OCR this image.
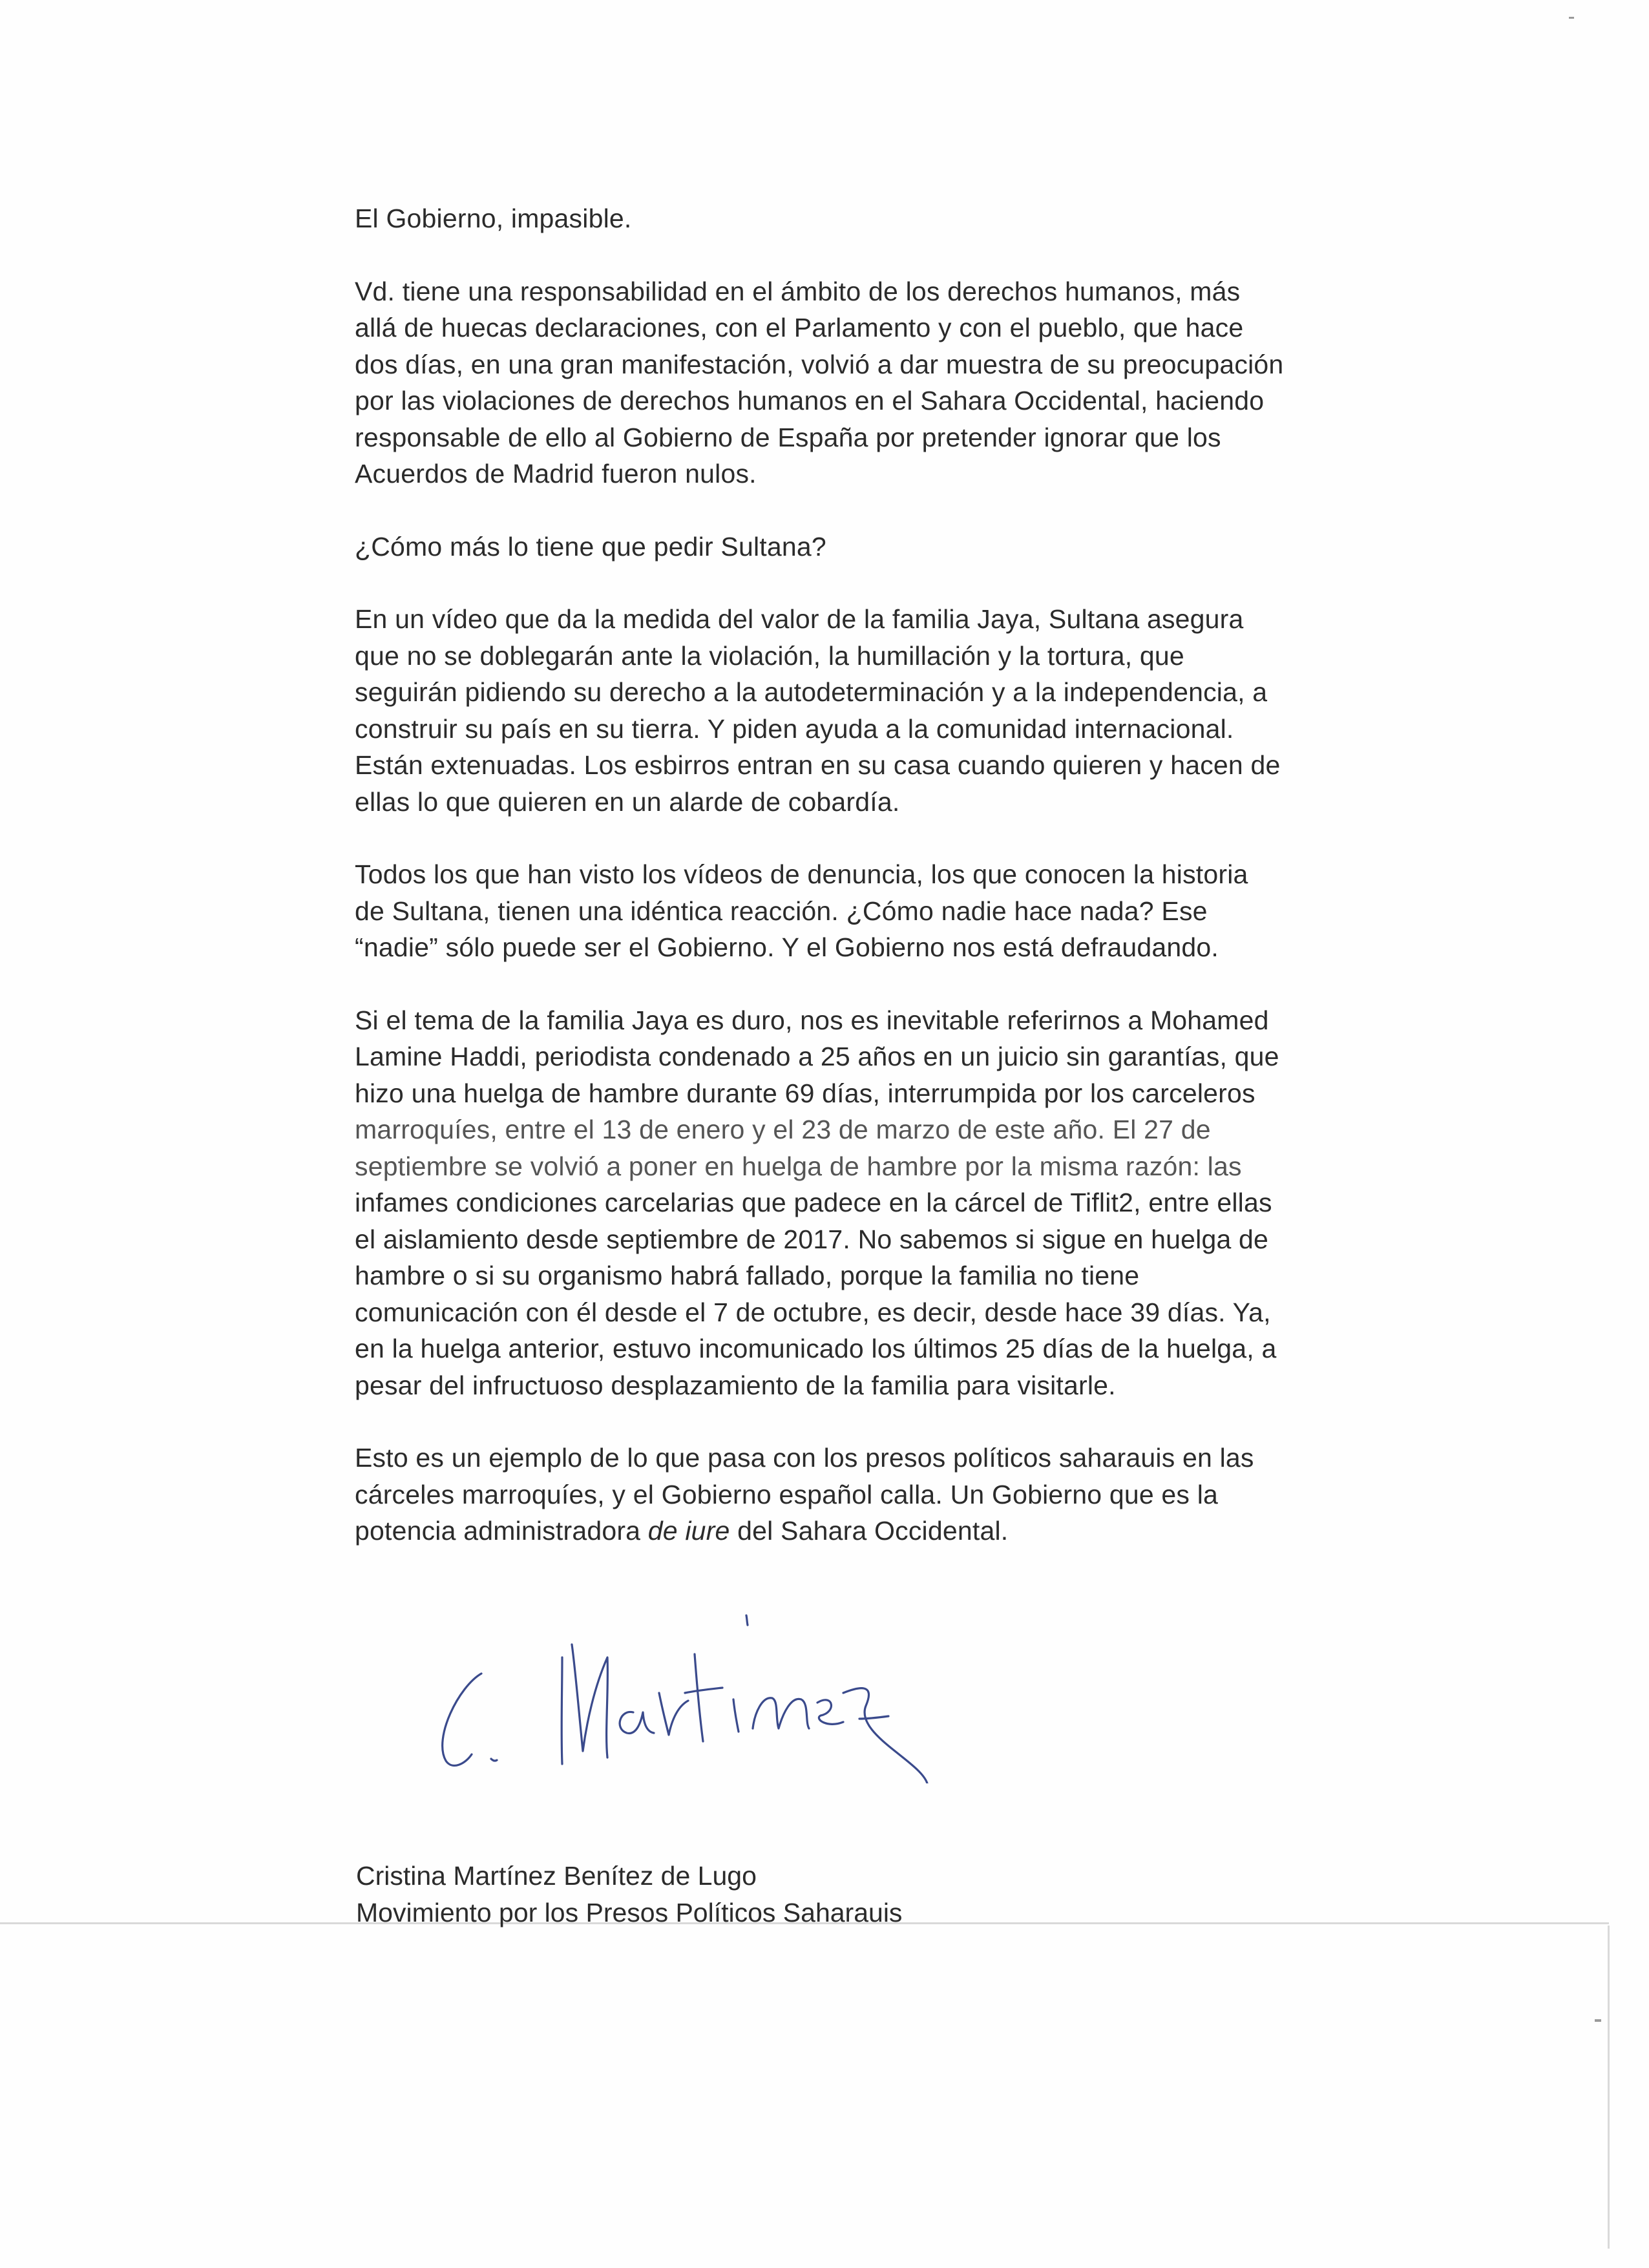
El Gobierno, impasible.

Vd. tiene una responsabilidad en el ámbito de los derechos humanos, más
allá de huecas declaraciones, con el Parlamento y con el pueblo, que hace
dos días, en una gran manifestación, volvió a dar muestra de su preocupación
por las violaciones de derechos humanos en el Sahara Occidental, haciendo
responsable de ello al Gobierno de España por pretender ignorar que los
Acuerdos de Madrid fueron nulos.

¿Cómo más lo tiene que pedir Sultana?

En un vídeo que da la medida del valor de la familia Jaya, Sultana asegura
que no se doblegarán ante la violación, la humillación y la tortura, que
seguirán pidiendo su derecho a la autodeterminación y a la independencia, a
construir su país en su tierra. Y piden ayuda a la comunidad internacional.
Están extenuadas. Los esbirros entran en su casa cuando quieren y hacen de
ellas lo que quieren en un alarde de cobardía.

Todos los que han visto los vídeos de denuncia, los que conocen la historia
de Sultana, tienen una idéntica reacción. ¿Cómo nadie hace nada? Ese
“nadie” sólo puede ser el Gobierno. Y el Gobierno nos está defraudando.

Si el tema de la familia Jaya es duro, nos es inevitable referirnos a Mohamed
Lamine Haddi, periodista condenado a 25 años en un juicio sin garantías, que
hizo una huelga de hambre durante 69 días, interrumpida por los carceleros
marroquíes, entre el 13 de enero y el 23 de marzo de este año. El 27 de
septiembre se volvió a poner en huelga de hambre por la misma razón: las
infames condiciones carcelarias que padece en la cárcel de Tiflit2, entre ellas
el aislamiento desde septiembre de 2017. No sabemos si sigue en huelga de
hambre o si su organismo habrá fallado, porque la familia no tiene
comunicación con él desde el 7 de octubre, es decir, desde hace 39 días. Ya,
en la huelga anterior, estuvo incomunicado los últimos 25 días de la huelga, a
pesar del infructuoso desplazamiento de la familia para visitarle.

Esto es un ejemplo de lo que pasa con los presos políticos saharauis en las
cárceles marroquíes, y el Gobierno español calla. Un Gobierno que es la
potencia administradora de iure del Sahara Occidental.

Cristina Martínez Benítez de Lugo
Movimiento por los Presos Políticos Saharauis
